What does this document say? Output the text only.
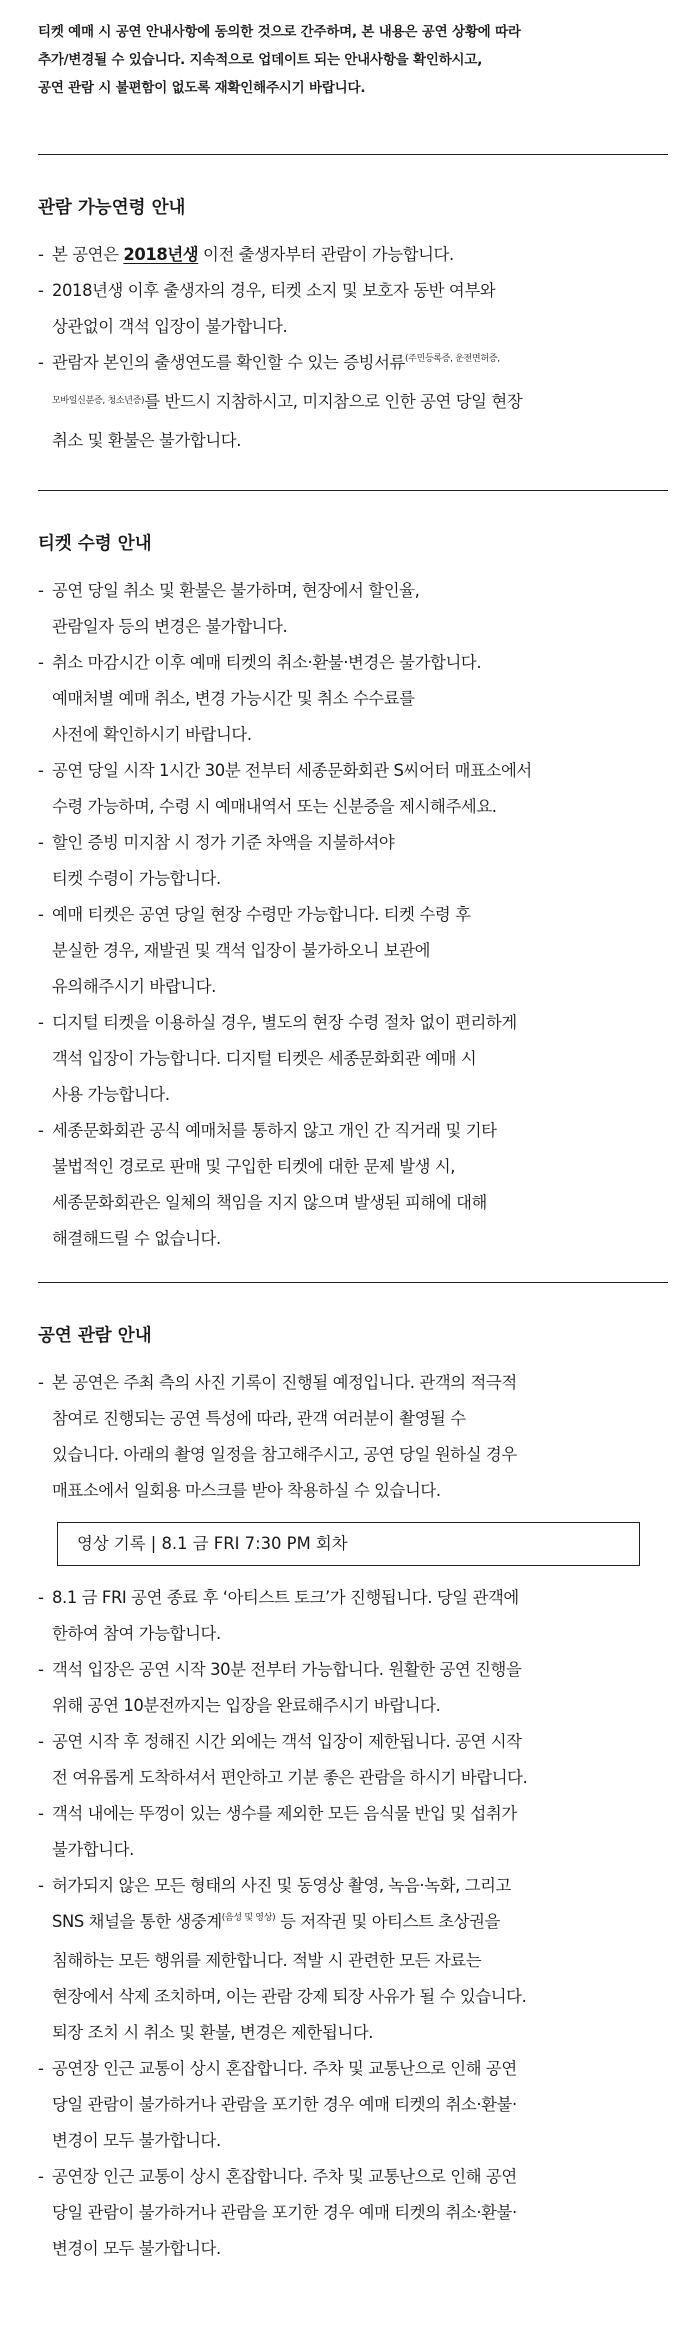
티켓 예매 시 공연 안내사항에 동의한 것으로 간주하며, 본 내용은 공연 상황에 따라
추가/변경될 수 있습니다. 지속적으로 업데이트 되는 안내사항을 확인하시고,
공연 관람 시 불편함이 없도록 재확인해주시기 바랍니다.
관람 가능연령 안내
- 본 공연은 2018년생 이전 출생자부터 관람이 가능합니다.
- 2018년생 이후 출생자의 경우, 티켓 소지 및 보호자 동반 여부와
상관없이 객석 입장이 불가합니다.
- 관람자 본인의 출생연도를 확인할 수 있는 증빙서류$^{(주민등록증, 운전면허증,}$
$^{모바일신분증, 청소년증)}$를 반드시 지참하시고, 미지참으로 인한 공연 당일 현장
취소 및 환불은 불가합니다.
티켓 수령 안내
- 공연 당일 취소 및 환불은 불가하며, 현장에서 할인율,
관람일자 등의 변경은 불가합니다.
- 취소 마감시간 이후 예매 티켓의 취소·환불·변경은 불가합니다.
예매처별 예매 취소, 변경 가능시간 및 취소 수수료를
사전에 확인하시기 바랍니다.
- 공연 당일 시작 1시간 30분 전부터 세종문화회관 S씨어터 매표소에서
수령 가능하며, 수령 시 예매내역서 또는 신분증을 제시해주세요.
- 할인 증빙 미지참 시 정가 기준 차액을 지불하셔야
티켓 수령이 가능합니다.
- 예매 티켓은 공연 당일 현장 수령만 가능합니다. 티켓 수령 후
분실한 경우, 재발권 및 객석 입장이 불가하오니 보관에
유의해주시기 바랍니다.
- 디지털 티켓을 이용하실 경우, 별도의 현장 수령 절차 없이 편리하게
객석 입장이 가능합니다. 디지털 티켓은 세종문화회관 예매 시
사용 가능합니다.
- 세종문화회관 공식 예매처를 통하지 않고 개인 간 직거래 및 기타
불법적인 경로로 판매 및 구입한 티켓에 대한 문제 발생 시,
세종문화회관은 일체의 책임을 지지 않으며 발생된 피해에 대해
해결해드릴 수 없습니다.
공연 관람 안내
- 본 공연은 주최 측의 사진 기록이 진행될 예정입니다. 관객의 적극적
참여로 진행되는 공연 특성에 따라, 관객 여러분이 촬영될 수
있습니다. 아래의 촬영 일정을 참고해주시고, 공연 당일 원하실 경우
매표소에서 일회용 마스크를 받아 착용하실 수 있습니다.
영상 기록 | 8.1 금 FRI 7:30 PM 회차
- 8.1 금 FRI 공연 종료 후 ‘아티스트 토크’가 진행됩니다. 당일 관객에
한하여 참여 가능합니다.
- 객석 입장은 공연 시작 30분 전부터 가능합니다. 원활한 공연 진행을
위해 공연 10분전까지는 입장을 완료해주시기 바랍니다.
- 공연 시작 후 정해진 시간 외에는 객석 입장이 제한됩니다. 공연 시작
전 여유롭게 도착하셔서 편안하고 기분 좋은 관람을 하시기 바랍니다.
- 객석 내에는 뚜껑이 있는 생수를 제외한 모든 음식물 반입 및 섭취가
불가합니다.
- 허가되지 않은 모든 형태의 사진 및 동영상 촬영, 녹음·녹화, 그리고
SNS 채널을 통한 생중계$^{(음성 및 영상)}$ 등 저작권 및 아티스트 초상권을
침해하는 모든 행위를 제한합니다. 적발 시 관련한 모든 자료는
현장에서 삭제 조치하며, 이는 관람 강제 퇴장 사유가 될 수 있습니다.
퇴장 조치 시 취소 및 환불, 변경은 제한됩니다.
- 공연장 인근 교통이 상시 혼잡합니다. 주차 및 교통난으로 인해 공연
당일 관람이 불가하거나 관람을 포기한 경우 예매 티켓의 취소·환불·
변경이 모두 불가합니다.
- 공연장 인근 교통이 상시 혼잡합니다. 주차 및 교통난으로 인해 공연
당일 관람이 불가하거나 관람을 포기한 경우 예매 티켓의 취소·환불·
변경이 모두 불가합니다.
